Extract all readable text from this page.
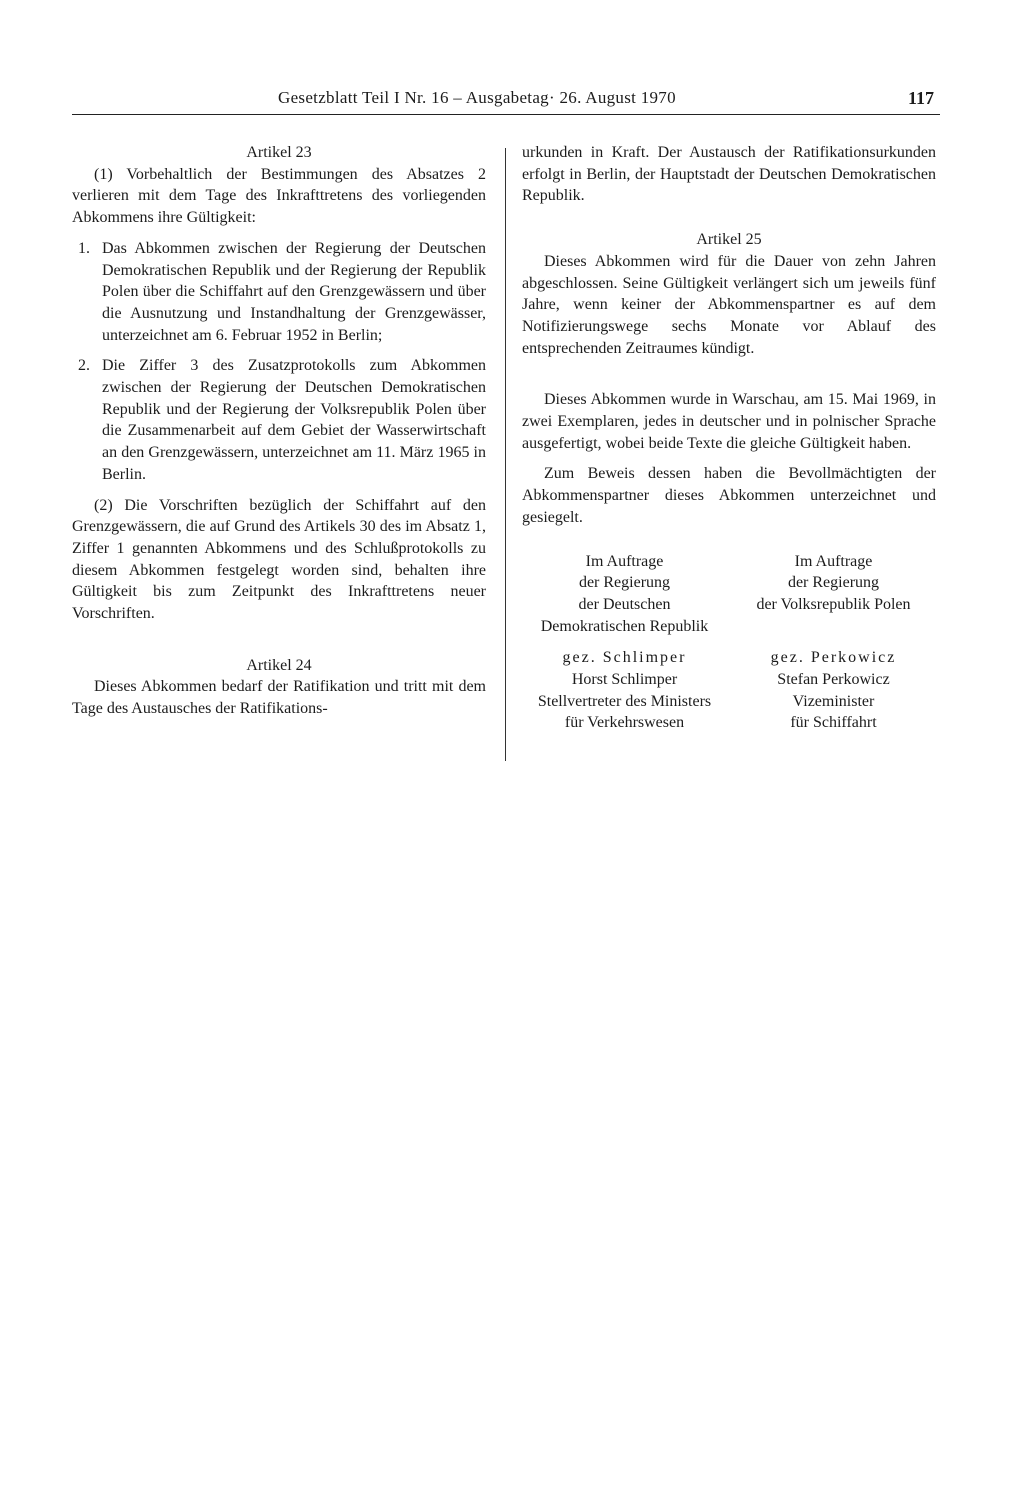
Gesetzblatt Teil I Nr. 16 – Ausgabetag· 26. August 1970	117

Artikel 23

(1) Vorbehaltlich der Bestimmungen des Absatzes 2 verlieren mit dem Tage des Inkrafttretens des vorliegenden Abkommens ihre Gültigkeit:

1. Das Abkommen zwischen der Regierung der Deutschen Demokratischen Republik und der Regierung der Republik Polen über die Schiffahrt auf den Grenzgewässern und über die Ausnutzung und Instandhaltung der Grenzgewässer, unterzeichnet am 6. Februar 1952 in Berlin;
2. Die Ziffer 3 des Zusatzprotokolls zum Abkommen zwischen der Regierung der Deutschen Demokratischen Republik und der Regierung der Volksrepublik Polen über die Zusammenarbeit auf dem Gebiet der Wasserwirtschaft an den Grenzgewässern, unterzeichnet am 11. März 1965 in Berlin.

(2) Die Vorschriften bezüglich der Schiffahrt auf den Grenzgewässern, die auf Grund des Artikels 30 des im Absatz 1, Ziffer 1 genannten Abkommens und des Schlußprotokolls zu diesem Abkommen festgelegt worden sind, behalten ihre Gültigkeit bis zum Zeitpunkt des Inkrafttretens neuer Vorschriften.

Artikel 24

Dieses Abkommen bedarf der Ratifikation und tritt mit dem Tage des Austausches der Ratifikations-

urkunden in Kraft. Der Austausch der Ratifikationsurkunden erfolgt in Berlin, der Hauptstadt der Deutschen Demokratischen Republik.

Artikel 25

Dieses Abkommen wird für die Dauer von zehn Jahren abgeschlossen. Seine Gültigkeit verlängert sich um jeweils fünf Jahre, wenn keiner der Abkommenspartner es auf dem Notifizierungswege sechs Monate vor Ablauf des entsprechenden Zeitraumes kündigt.

Dieses Abkommen wurde in Warschau, am 15. Mai 1969, in zwei Exemplaren, jedes in deutscher und in polnischer Sprache ausgefertigt, wobei beide Texte die gleiche Gültigkeit haben.

Zum Beweis dessen haben die Bevollmächtigten der Abkommenspartner dieses Abkommen unterzeichnet und gesiegelt.

Im Auftrage
der Regierung
der Deutschen
Demokratischen Republik
gez. Schlimper
Horst Schlimper
Stellvertreter des Ministers
für Verkehrswesen
Im Auftrage
der Regierung
der Volksrepublik Polen
gez. Perkowicz
Stefan Perkowicz
Vizeminister
für Schiffahrt
